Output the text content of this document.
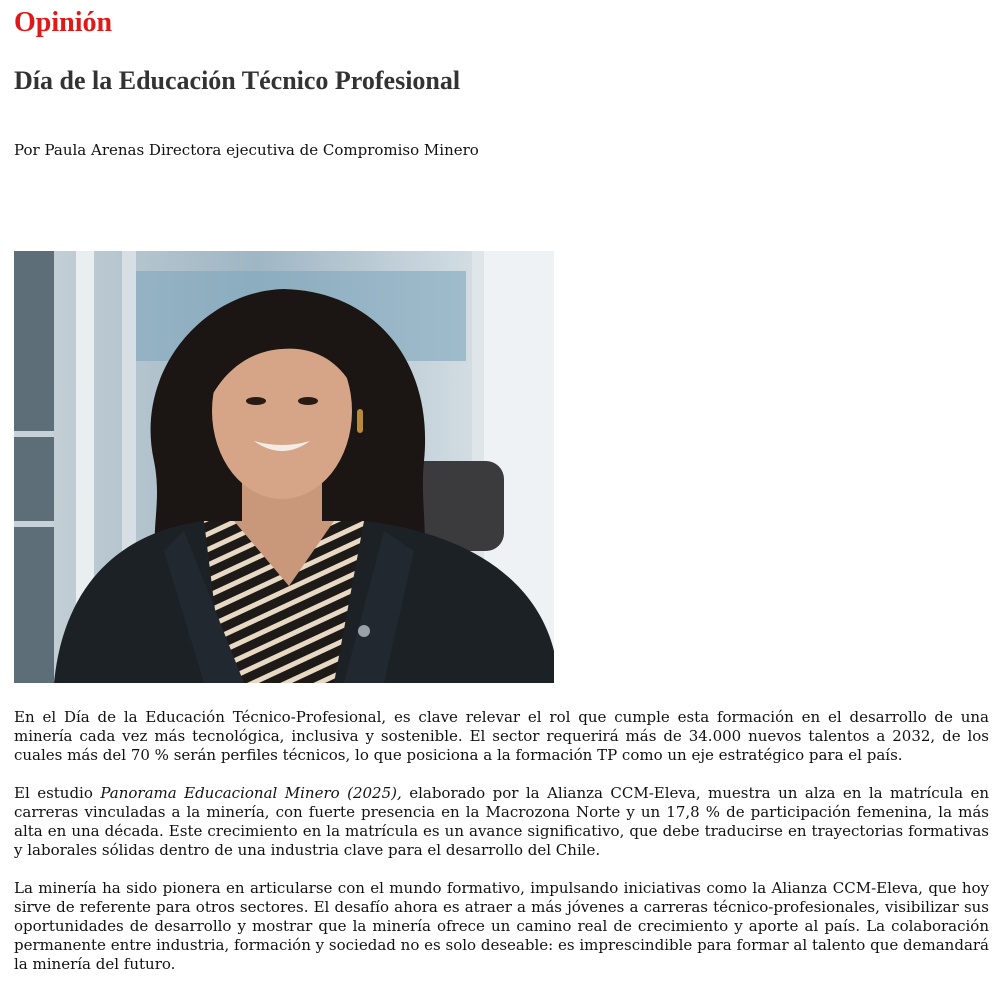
Opinión
Día de la Educación Técnico Profesional

Por Paula Arenas Directora ejecutiva de Compromiso Minero

En el Día de la Educación Técnico-Profesional, es clave relevar el rol que cumple esta formación en el desarrollo de una minería cada vez más tecnológica, inclusiva y sostenible. El sector requerirá más de 34.000 nuevos talentos a 2032, de los cuales más del 70 % serán perfiles técnicos, lo que posiciona a la formación TP como un eje estratégico para el país.

El estudio Panorama Educacional Minero (2025), elaborado por la Alianza CCM-Eleva, muestra un alza en la matrícula en carreras vinculadas a la minería, con fuerte presencia en la Macrozona Norte y un 17,8 % de participación femenina, la más alta en una década. Este crecimiento en la matrícula es un avance significativo, que debe traducirse en trayectorias formativas y laborales sólidas dentro de una industria clave para el desarrollo del Chile.

La minería ha sido pionera en articularse con el mundo formativo, impulsando iniciativas como la Alianza CCM-Eleva, que hoy sirve de referente para otros sectores. El desafío ahora es atraer a más jóvenes a carreras técnico-profesionales, visibilizar sus oportunidades de desarrollo y mostrar que la minería ofrece un camino real de crecimiento y aporte al país. La colaboración permanente entre industria, formación y sociedad no es solo deseable: es imprescindible para formar al talento que demandará la minería del futuro.
